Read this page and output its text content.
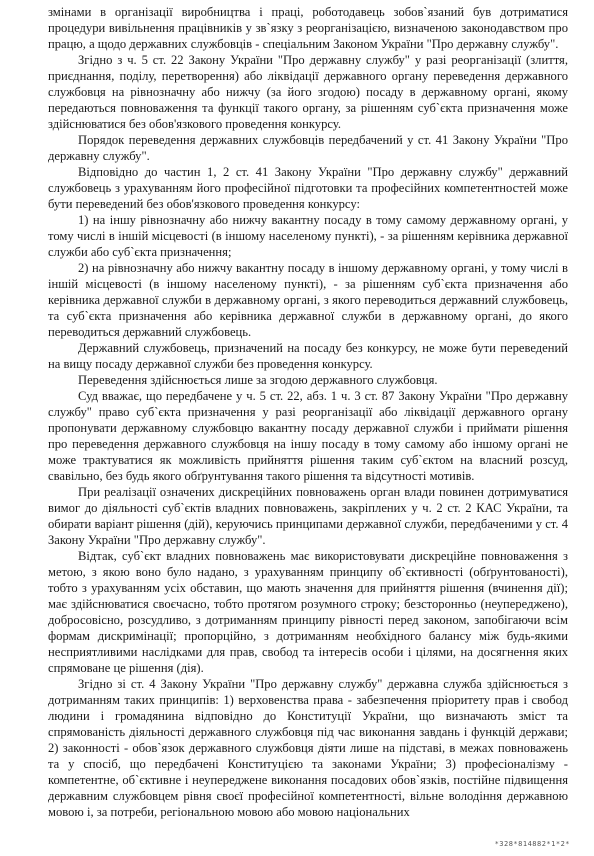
змінами в організації виробництва і праці, роботодавець зобов`язаний був дотриматися процедури вивільнення працівників у зв`язку з реорганізацією, визначеною законодавством про працю, а щодо державних службовців - спеціальним Законом України "Про державну службу".

Згідно з ч. 5 ст. 22 Закону України "Про державну службу" у разі реорганізації (злиття, приєднання, поділу, перетворення) або ліквідації державного органу переведення державного службовця на рівнозначну або нижчу (за його згодою) посаду в державному органі, якому передаються повноваження та функції такого органу, за рішенням суб`єкта призначення може здійснюватися без обов'язкового проведення конкурсу.

Порядок переведення державних службовців передбачений у ст. 41 Закону України "Про державну службу".

Відповідно до частин 1, 2 ст. 41 Закону України "Про державну службу" державний службовець з урахуванням його професійної підготовки та професійних компетентностей може бути переведений без обов'язкового проведення конкурсу:

1) на іншу рівнозначну або нижчу вакантну посаду в тому самому державному органі, у тому числі в іншій місцевості (в іншому населеному пункті), - за рішенням керівника державної служби або суб`єкта призначення;

2) на рівнозначну або нижчу вакантну посаду в іншому державному органі, у тому числі в іншій місцевості (в іншому населеному пункті), - за рішенням суб`єкта призначення або керівника державної служби в державному органі, з якого переводиться державний службовець, та суб`єкта призначення або керівника державної служби в державному органі, до якого переводиться державний службовець.

Державний службовець, призначений на посаду без конкурсу, не може бути переведений на вищу посаду державної служби без проведення конкурсу.

Переведення здійснюється лише за згодою державного службовця.

Суд вважає, що передбачене у ч. 5 ст. 22, абз. 1 ч. 3 ст. 87 Закону України "Про державну службу" право суб`єкта призначення у разі реорганізації або ліквідації державного органу пропонувати державному службовцю вакантну посаду державної служби і приймати рішення про переведення державного службовця на іншу посаду в тому самому або іншому органі не може трактуватися як можливість прийняття рішення таким суб`єктом на власний розсуд, свавільно, без будь якого обґрунтування такого рішення та відсутності мотивів.

При реалізації означених дискреційних повноважень орган влади повинен дотримуватися вимог до діяльності суб`єктів владних повноважень, закріплених у ч. 2 ст. 2 КАС України, та обирати варіант рішення (дій), керуючись принципами державної служби, передбаченими у ст. 4 Закону України "Про державну службу".

Відтак, суб`єкт владних повноважень має використовувати дискреційне повноваження з метою, з якою воно було надано, з урахуванням принципу об`єктивності (обґрунтованості), тобто з урахуванням усіх обставин, що мають значення для прийняття рішення (вчинення дії); має здійснюватися своєчасно, тобто протягом розумного строку; безсторонньо (неупереджено), добросовісно, розсудливо, з дотриманням принципу рівності перед законом, запобігаючи всім формам дискримінації; пропорційно, з дотриманням необхідного балансу між будь-якими несприятливими наслідками для прав, свобод та інтересів особи і цілями, на досягнення яких спрямоване це рішення (дія).

Згідно зі ст. 4 Закону України "Про державну службу" державна служба здійснюється з дотриманням таких принципів: 1) верховенства права - забезпечення пріоритету прав і свобод людини і громадянина відповідно до Конституції України, що визначають зміст та спрямованість діяльності державного службовця під час виконання завдань і функцій держави; 2) законності - обов`язок державного службовця діяти лише на підставі, в межах повноважень та у спосіб, що передбачені Конституцією та законами України; 3) професіоналізму - компетентне, об`єктивне і неупереджене виконання посадових обов`язків, постійне підвищення державним службовцем рівня своєї професійної компетентності, вільне володіння державною мовою і, за потреби, регіональною мовою або мовою національних

*328*814882*1*2*
